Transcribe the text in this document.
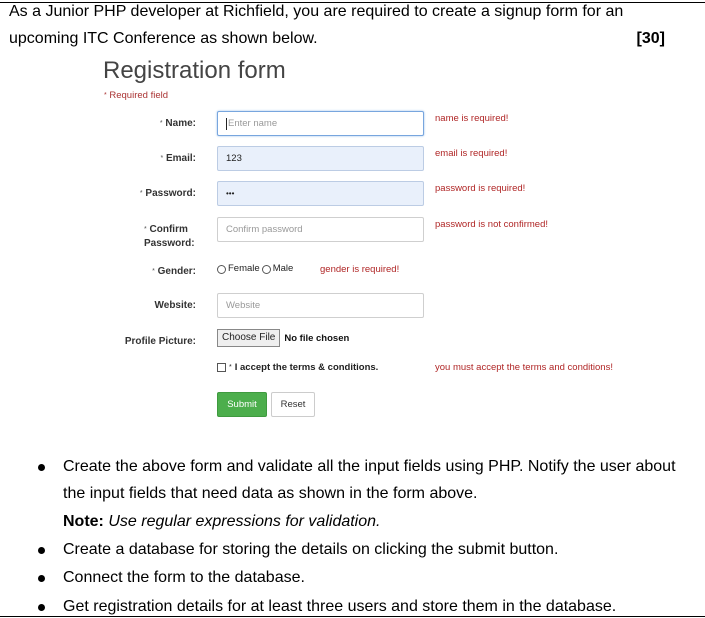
As a Junior PHP developer at Richfield, you are required to create a signup form for an
upcoming ITC Conference as shown below.	[30]
Registration form
* Required field
* Name:	Enter name	name is required!
* Email:	123	email is required!
* Password:	•••	password is required!
* Confirm
Password:
Confirm password	password is not confirmed!
* Gender:	Female Male	gender is required!
Website:	Website
Profile Picture:	Choose File No file chosen
* I accept the terms & conditions.	you must accept the terms and conditions!
Submit	Reset
Create the above form and validate all the input fields using PHP. Notify the user about
the input fields that need data as shown in the form above.
Note: Use regular expressions for validation.
Create a database for storing the details on clicking the submit button.
Connect the form to the database.
Get registration details for at least three users and store them in the database.
